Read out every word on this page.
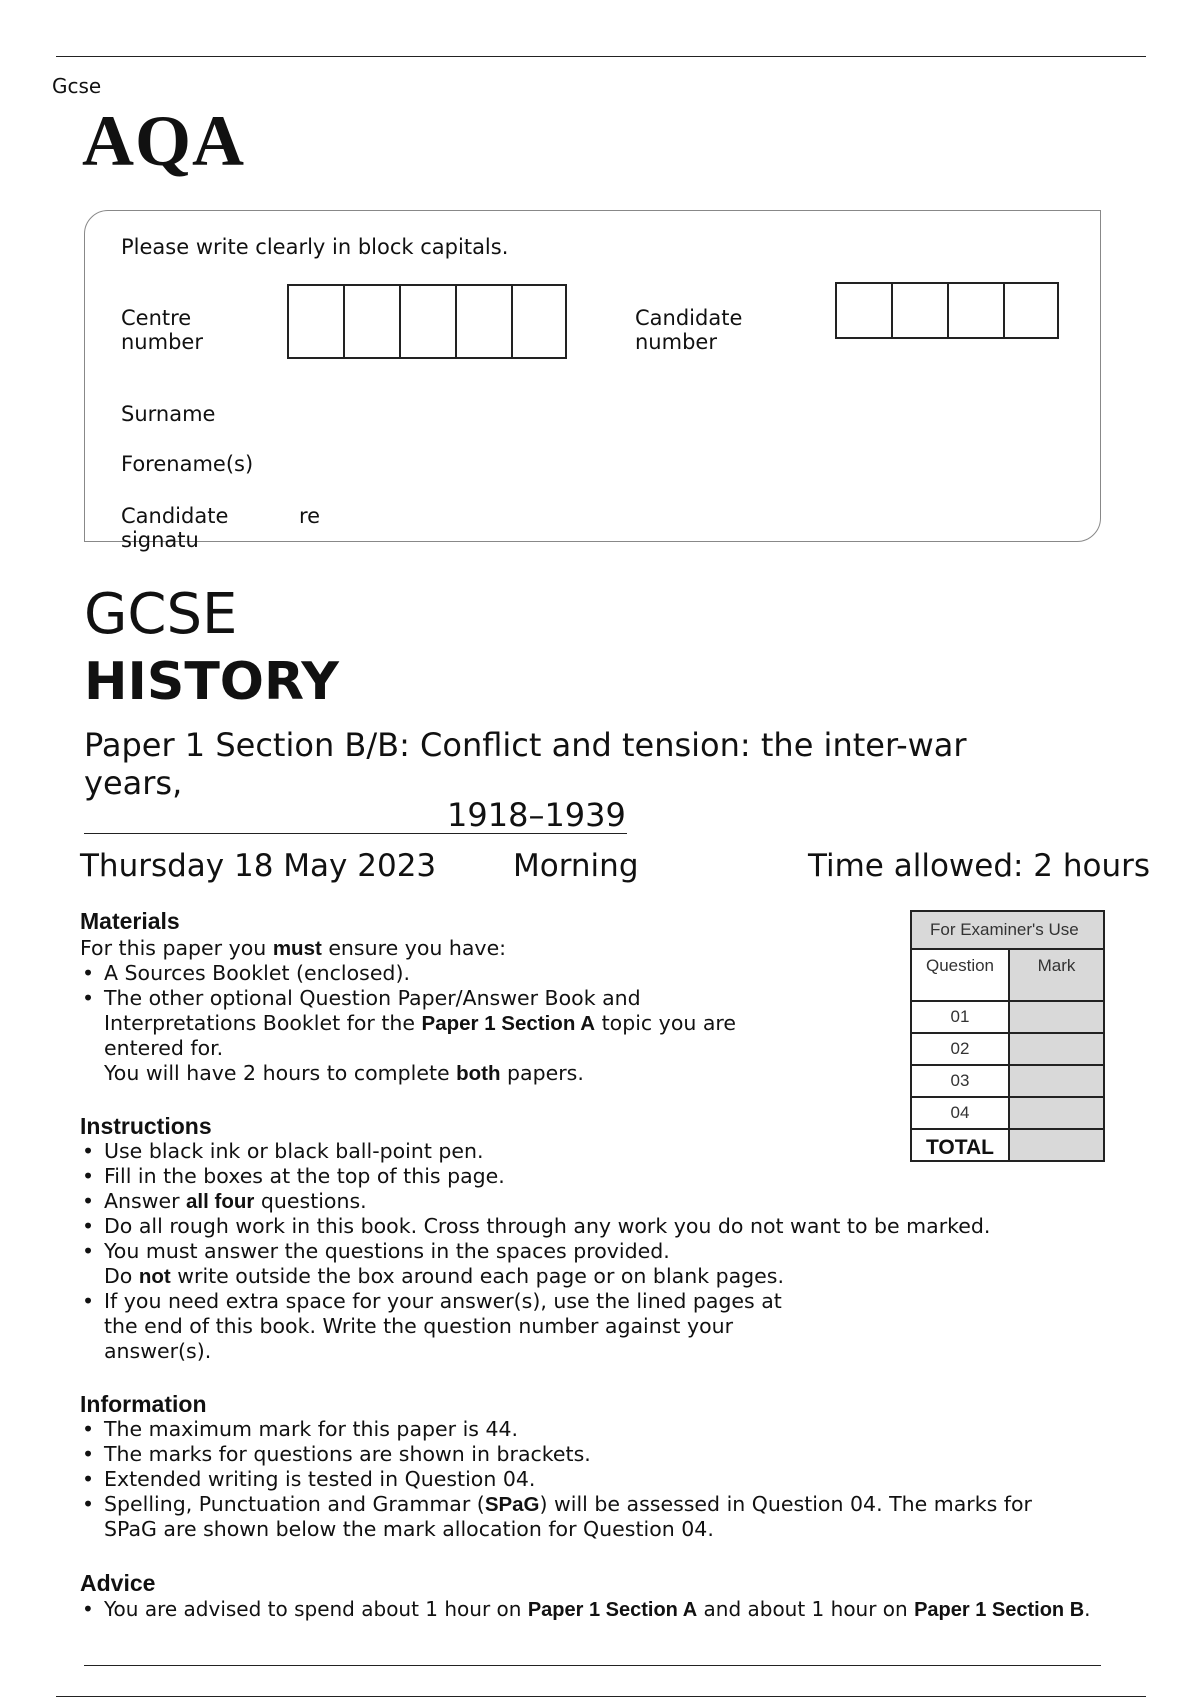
Gcse
AQA
Please write clearly in block capitals.
Centre
number
Candidate
number
Surname
Forename(s)
Candidate
signatu
re
GCSE
HISTORY
Paper 1 Section B/B: Conflict and tension: the inter-war years,
1918–1939
Thursday 18 May 2023 Morning	Time allowed: 2 hours
For Examiner's Use	
Question	Mark
01	
02	
03	
04	
TOTAL	
Materials
For this paper you must ensure you have:
• A Sources Booklet (enclosed).
• The other optional Question Paper/Answer Book and Interpretations Booklet for the Paper 1 Section A topic you are entered for.
You will have 2 hours to complete both papers.
Instructions
• Use black ink or black ball-point pen.
• Fill in the boxes at the top of this page.
• Answer all four questions.
• Do all rough work in this book. Cross through any work you do not want to be marked.
• You must answer the questions in the spaces provided.
Do not write outside the box around each page or on blank pages.
• If you need extra space for your answer(s), use the lined pages at the end of this book. Write the question number against your answer(s).
Information
• The maximum mark for this paper is 44.
• The marks for questions are shown in brackets.
• Extended writing is tested in Question 04.
• Spelling, Punctuation and Grammar (SPaG) will be assessed in Question 04. The marks for SPaG are shown below the mark allocation for Question 04.
Advice
• You are advised to spend about 1 hour on Paper 1 Section A and about 1 hour on Paper 1 Section B.
